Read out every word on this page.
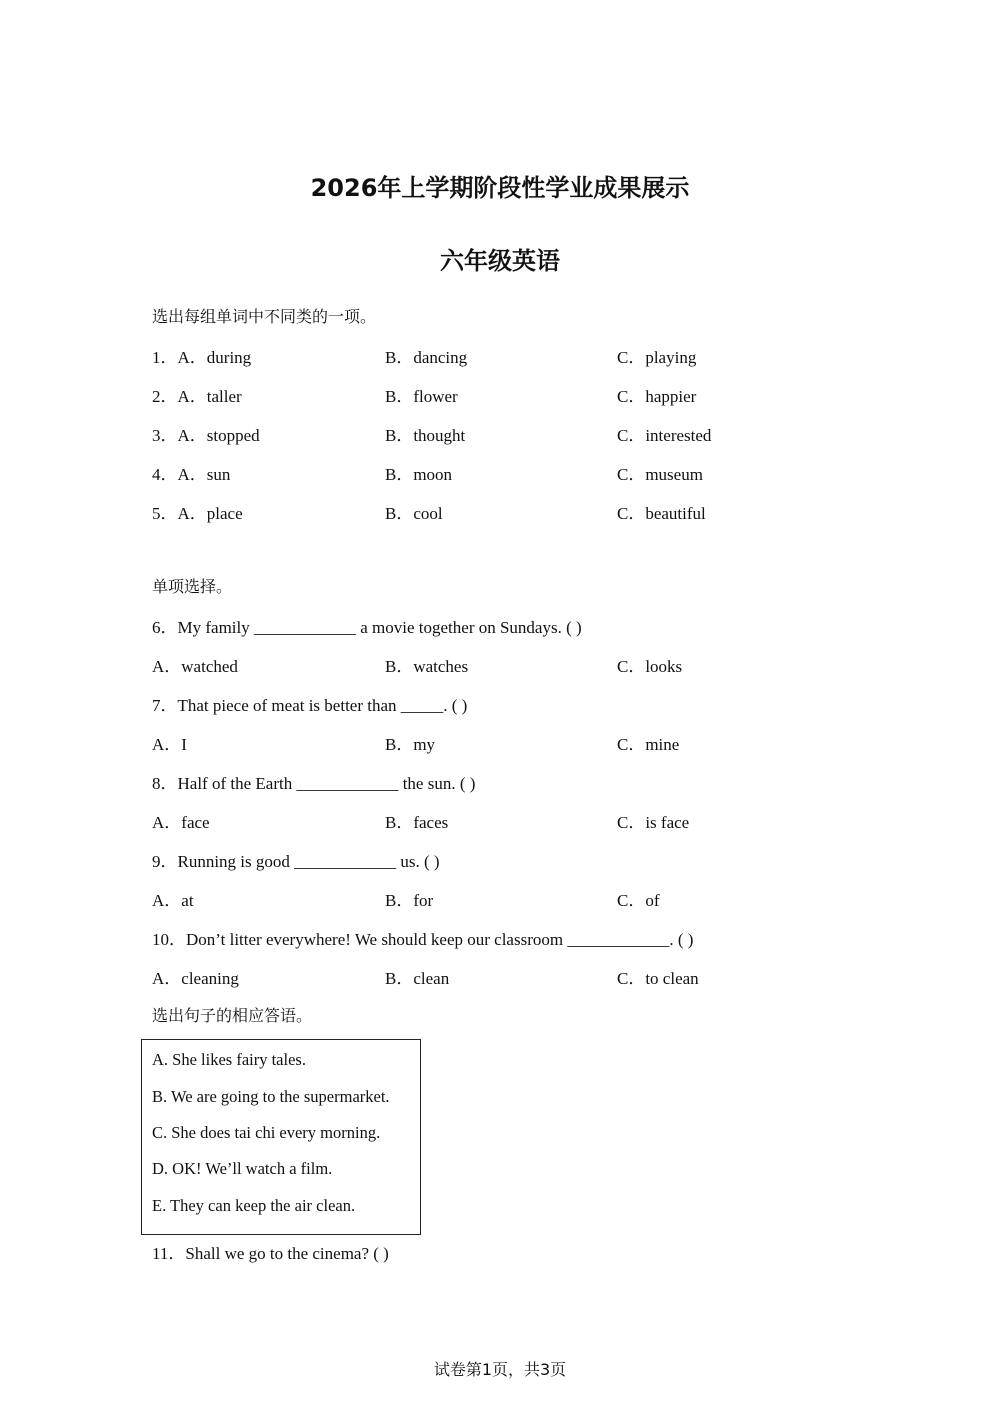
2026年上学期阶段性学业成果展示
六年级英语
选出每组单词中不同类的一项。
1．A．during	B．dancing	C．playing
2．A．taller	B．flower	C．happier
3．A．stopped	B．thought	C．interested
4．A．sun	B．moon	C．museum
5．A．place	B．cool	C．beautiful
单项选择。
6．My family ____________ a movie together on Sundays. ( )
A．watched	B．watches	C．looks
7．That piece of meat is better than _____. ( )
A．I	B．my	C．mine
8．Half of the Earth ____________ the sun. ( )
A．face	B．faces	C．is face
9．Running is good ____________ us. ( )
A．at	B．for	C．of
10．Don’t litter everywhere! We should keep our classroom ____________. ( )
A．cleaning	B．clean	C．to clean
选出句子的相应答语。
A. She likes fairy tales.
B. We are going to the supermarket.
C. She does tai chi every morning.
D. OK! We’ll watch a film.
E. They can keep the air clean.
11．Shall we go to the cinema? ( )
试卷第1页，共3页
